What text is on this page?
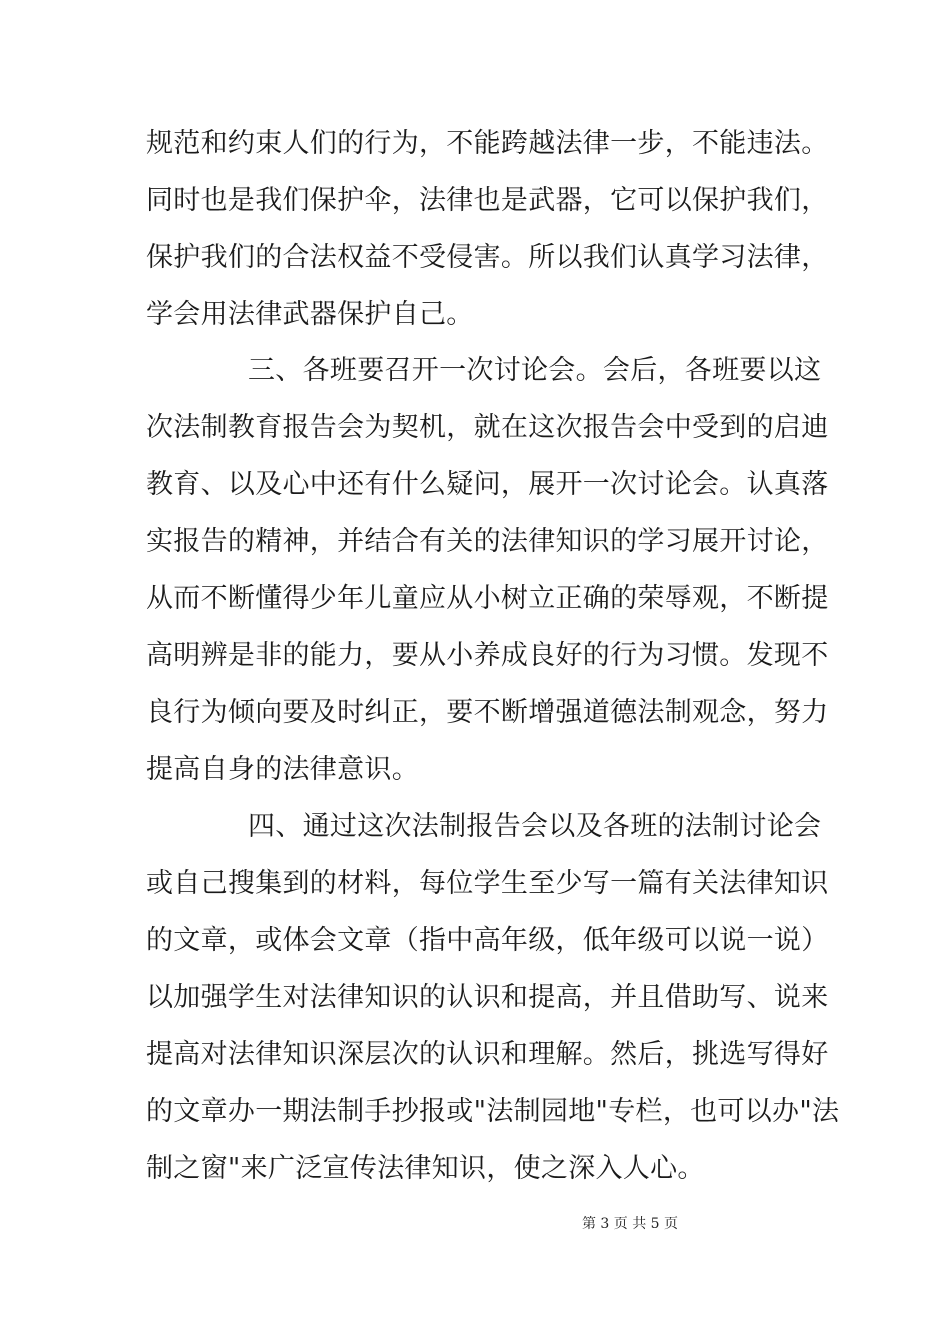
规范和约束人们的行为，不能跨越法律一步，不能违法。
同时也是我们保护伞，法律也是武器，它可以保护我们，
保护我们的合法权益不受侵害。所以我们认真学习法律，
学会用法律武器保护自己。
三、各班要召开一次讨论会。会后，各班要以这
次法制教育报告会为契机，就在这次报告会中受到的启迪
教育、以及心中还有什么疑问，展开一次讨论会。认真落
实报告的精神，并结合有关的法律知识的学习展开讨论，
从而不断懂得少年儿童应从小树立正确的荣辱观，不断提
高明辨是非的能力，要从小养成良好的行为习惯。发现不
良行为倾向要及时纠正，要不断增强道德法制观念，努力
提高自身的法律意识。
四、通过这次法制报告会以及各班的法制讨论会
或自己搜集到的材料，每位学生至少写一篇有关法律知识
的文章，或体会文章（指中高年级，低年级可以说一说）
以加强学生对法律知识的认识和提高，并且借助写、说来
提高对法律知识深层次的认识和理解。然后，挑选写得好
的文章办一期法制手抄报或"法制园地"专栏，也可以办"法
制之窗"来广泛宣传法律知识，使之深入人心。
第 3 页 共 5 页
